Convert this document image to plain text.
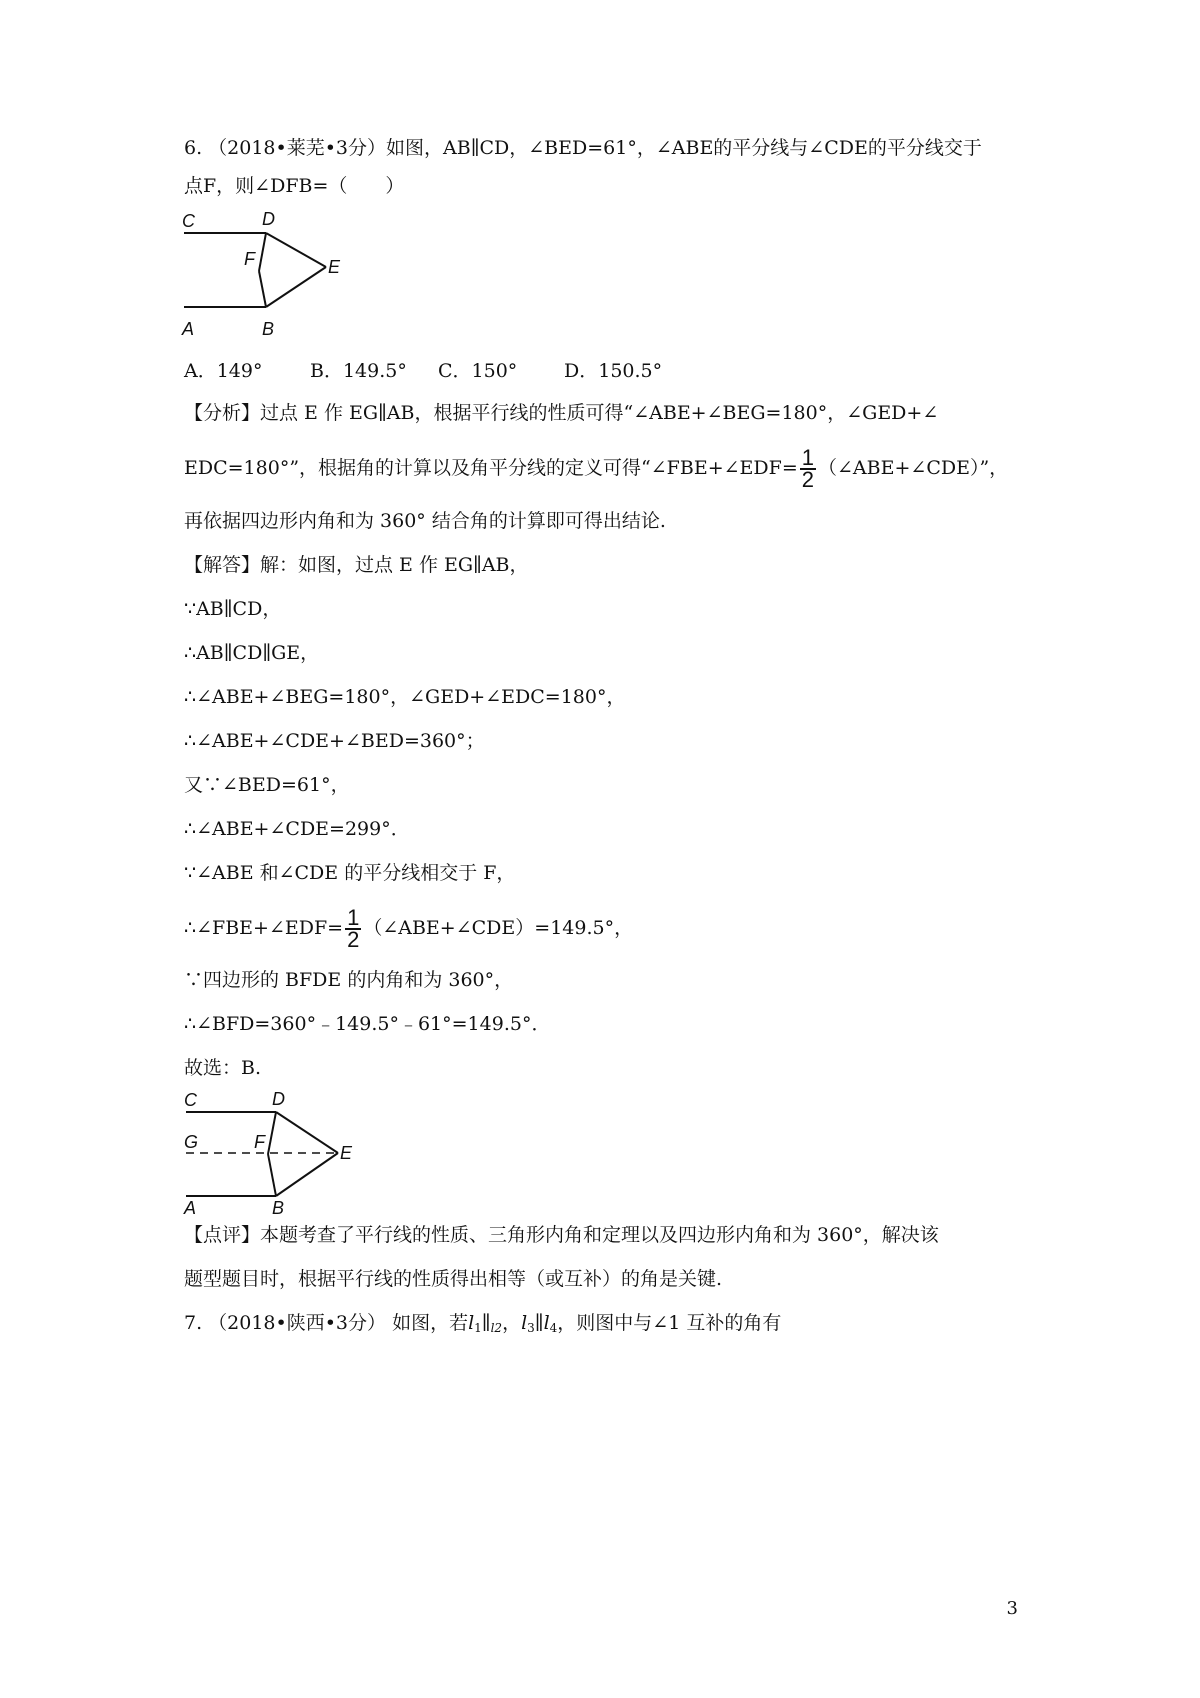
6. （2018•莱芜•3分）如图，AB∥CD，∠BED=61°，∠ABE的平分线与∠CDE的平分线交于
点F，则∠DFB=（　　）
C	D
F	E
A	B
A．149°	B．149.5° C．150° D．150.5°
【分析】过点 E 作 EG∥AB，根据平行线的性质可得“∠ABE+∠BEG=180°，∠GED+∠
EDC=180°”，根据角的计算以及角平分线的定义可得“∠FBE+∠EDF= $\frac{1}{2}$ （∠ABE+∠CDE）”，
再依据四边形内角和为 360° 结合角的计算即可得出结论.
【解答】解：如图，过点 E 作 EG∥AB，
∵AB∥CD，
∴AB∥CD∥GE，
∴∠ABE+∠BEG=180°，∠GED+∠EDC=180°，
∴∠ABE+∠CDE+∠BED=360°；
又∵∠BED=61°，
∴∠ABE+∠CDE=299°．
∵∠ABE 和∠CDE 的平分线相交于 F，
∴∠FBE+∠EDF= $\frac{1}{2}$ （∠ABE+∠CDE）=149.5°，
∵四边形的 BFDE 的内角和为 360°，
∴∠BFD=360°﹣149.5°﹣61°=149.5°．
故选：B.
C	D
G	F
E
A	B
【点评】本题考查了平行线的性质、三角形内角和定理以及四边形内角和为 360°，解决该
题型题目时，根据平行线的性质得出相等（或互补）的角是关键.
7. （2018•陕西•3分） 如图，若$l_1\parallel_{l2}$，$l_3\parallel l_4$，则图中与∠1 互补的角有
3
